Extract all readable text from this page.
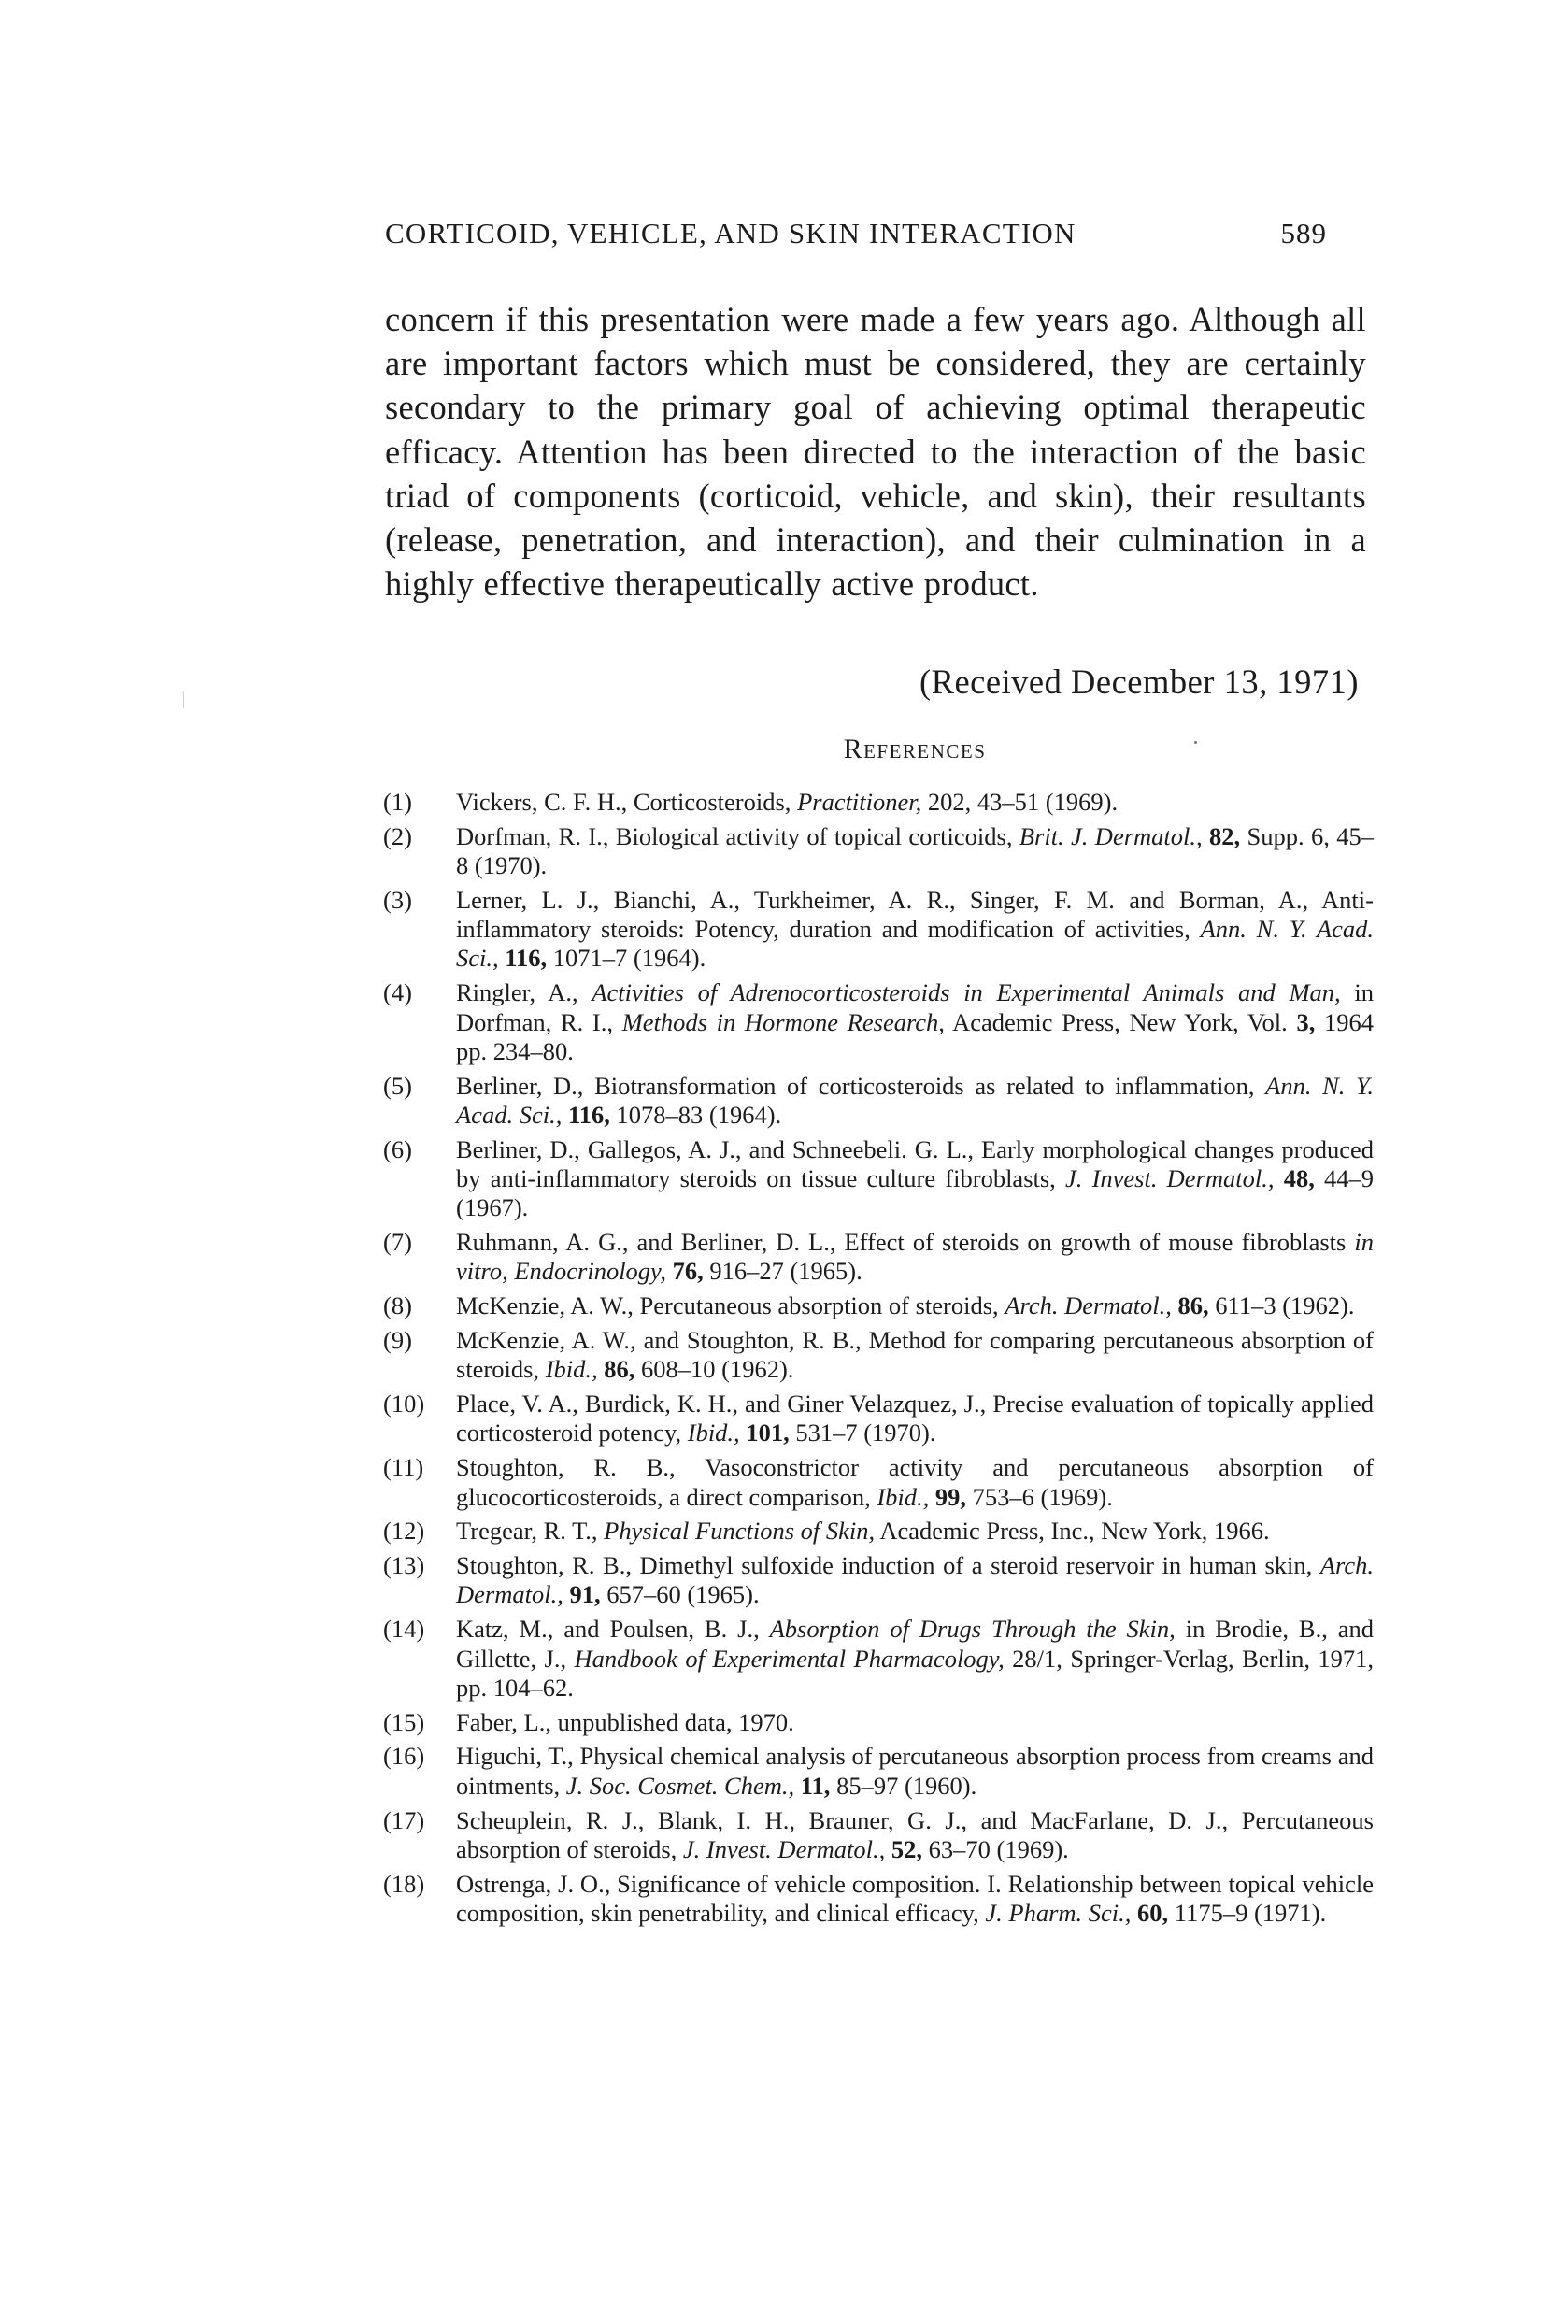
CORTICOID, VEHICLE, AND SKIN INTERACTION	589

concern if this presentation were made a few years ago. Although all are important factors which must be considered, they are certainly secondary to the primary goal of achieving optimal therapeutic efficacy. Attention has been directed to the interaction of the basic triad of components (corticoid, vehicle, and skin), their resultants (release, penetration, and interaction), and their culmination in a highly effective therapeutically active product.

(Received December 13, 1971)
References
(1)	Vickers, C. F. H., Corticosteroids, Practitioner, 202, 43–51 (1969).
(2)	Dorfman, R. I., Biological activity of topical corticoids, Brit. J. Dermatol., 82, Supp. 6, 45–8 (1970).
(3)	Lerner, L. J., Bianchi, A., Turkheimer, A. R., Singer, F. M. and Borman, A., Anti-inflammatory steroids: Potency, duration and modification of activities, Ann. N. Y. Acad. Sci., 116, 1071–7 (1964).
(4)	Ringler, A., Activities of Adrenocorticosteroids in Experimental Animals and Man, in Dorfman, R. I., Methods in Hormone Research, Academic Press, New York, Vol. 3, 1964 pp. 234–80.
(5)	Berliner, D., Biotransformation of corticosteroids as related to inflammation, Ann. N. Y. Acad. Sci., 116, 1078–83 (1964).
(6)	Berliner, D., Gallegos, A. J., and Schneebeli. G. L., Early morphological changes produced by anti-inflammatory steroids on tissue culture fibroblasts, J. Invest. Dermatol., 48, 44–9 (1967).
(7)	Ruhmann, A. G., and Berliner, D. L., Effect of steroids on growth of mouse fibroblasts in vitro, Endocrinology, 76, 916–27 (1965).
(8)	McKenzie, A. W., Percutaneous absorption of steroids, Arch. Dermatol., 86, 611–3 (1962).
(9)	McKenzie, A. W., and Stoughton, R. B., Method for comparing percutaneous absorption of steroids, Ibid., 86, 608–10 (1962).
(10)	Place, V. A., Burdick, K. H., and Giner Velazquez, J., Precise evaluation of topically applied corticosteroid potency, Ibid., 101, 531–7 (1970).
(11)	Stoughton, R. B., Vasoconstrictor activity and percutaneous absorption of glucocorticosteroids, a direct comparison, Ibid., 99, 753–6 (1969).
(12)	Tregear, R. T., Physical Functions of Skin, Academic Press, Inc., New York, 1966.
(13)	Stoughton, R. B., Dimethyl sulfoxide induction of a steroid reservoir in human skin, Arch. Dermatol., 91, 657–60 (1965).
(14)	Katz, M., and Poulsen, B. J., Absorption of Drugs Through the Skin, in Brodie, B., and Gillette, J., Handbook of Experimental Pharmacology, 28/1, Springer-Verlag, Berlin, 1971, pp. 104–62.
(15)	Faber, L., unpublished data, 1970.
(16)	Higuchi, T., Physical chemical analysis of percutaneous absorption process from creams and ointments, J. Soc. Cosmet. Chem., 11, 85–97 (1960).
(17)	Scheuplein, R. J., Blank, I. H., Brauner, G. J., and MacFarlane, D. J., Percutaneous absorption of steroids, J. Invest. Dermatol., 52, 63–70 (1969).
(18)	Ostrenga, J. O., Significance of vehicle composition. I. Relationship between topical vehicle composition, skin penetrability, and clinical efficacy, J. Pharm. Sci., 60, 1175–9 (1971).
